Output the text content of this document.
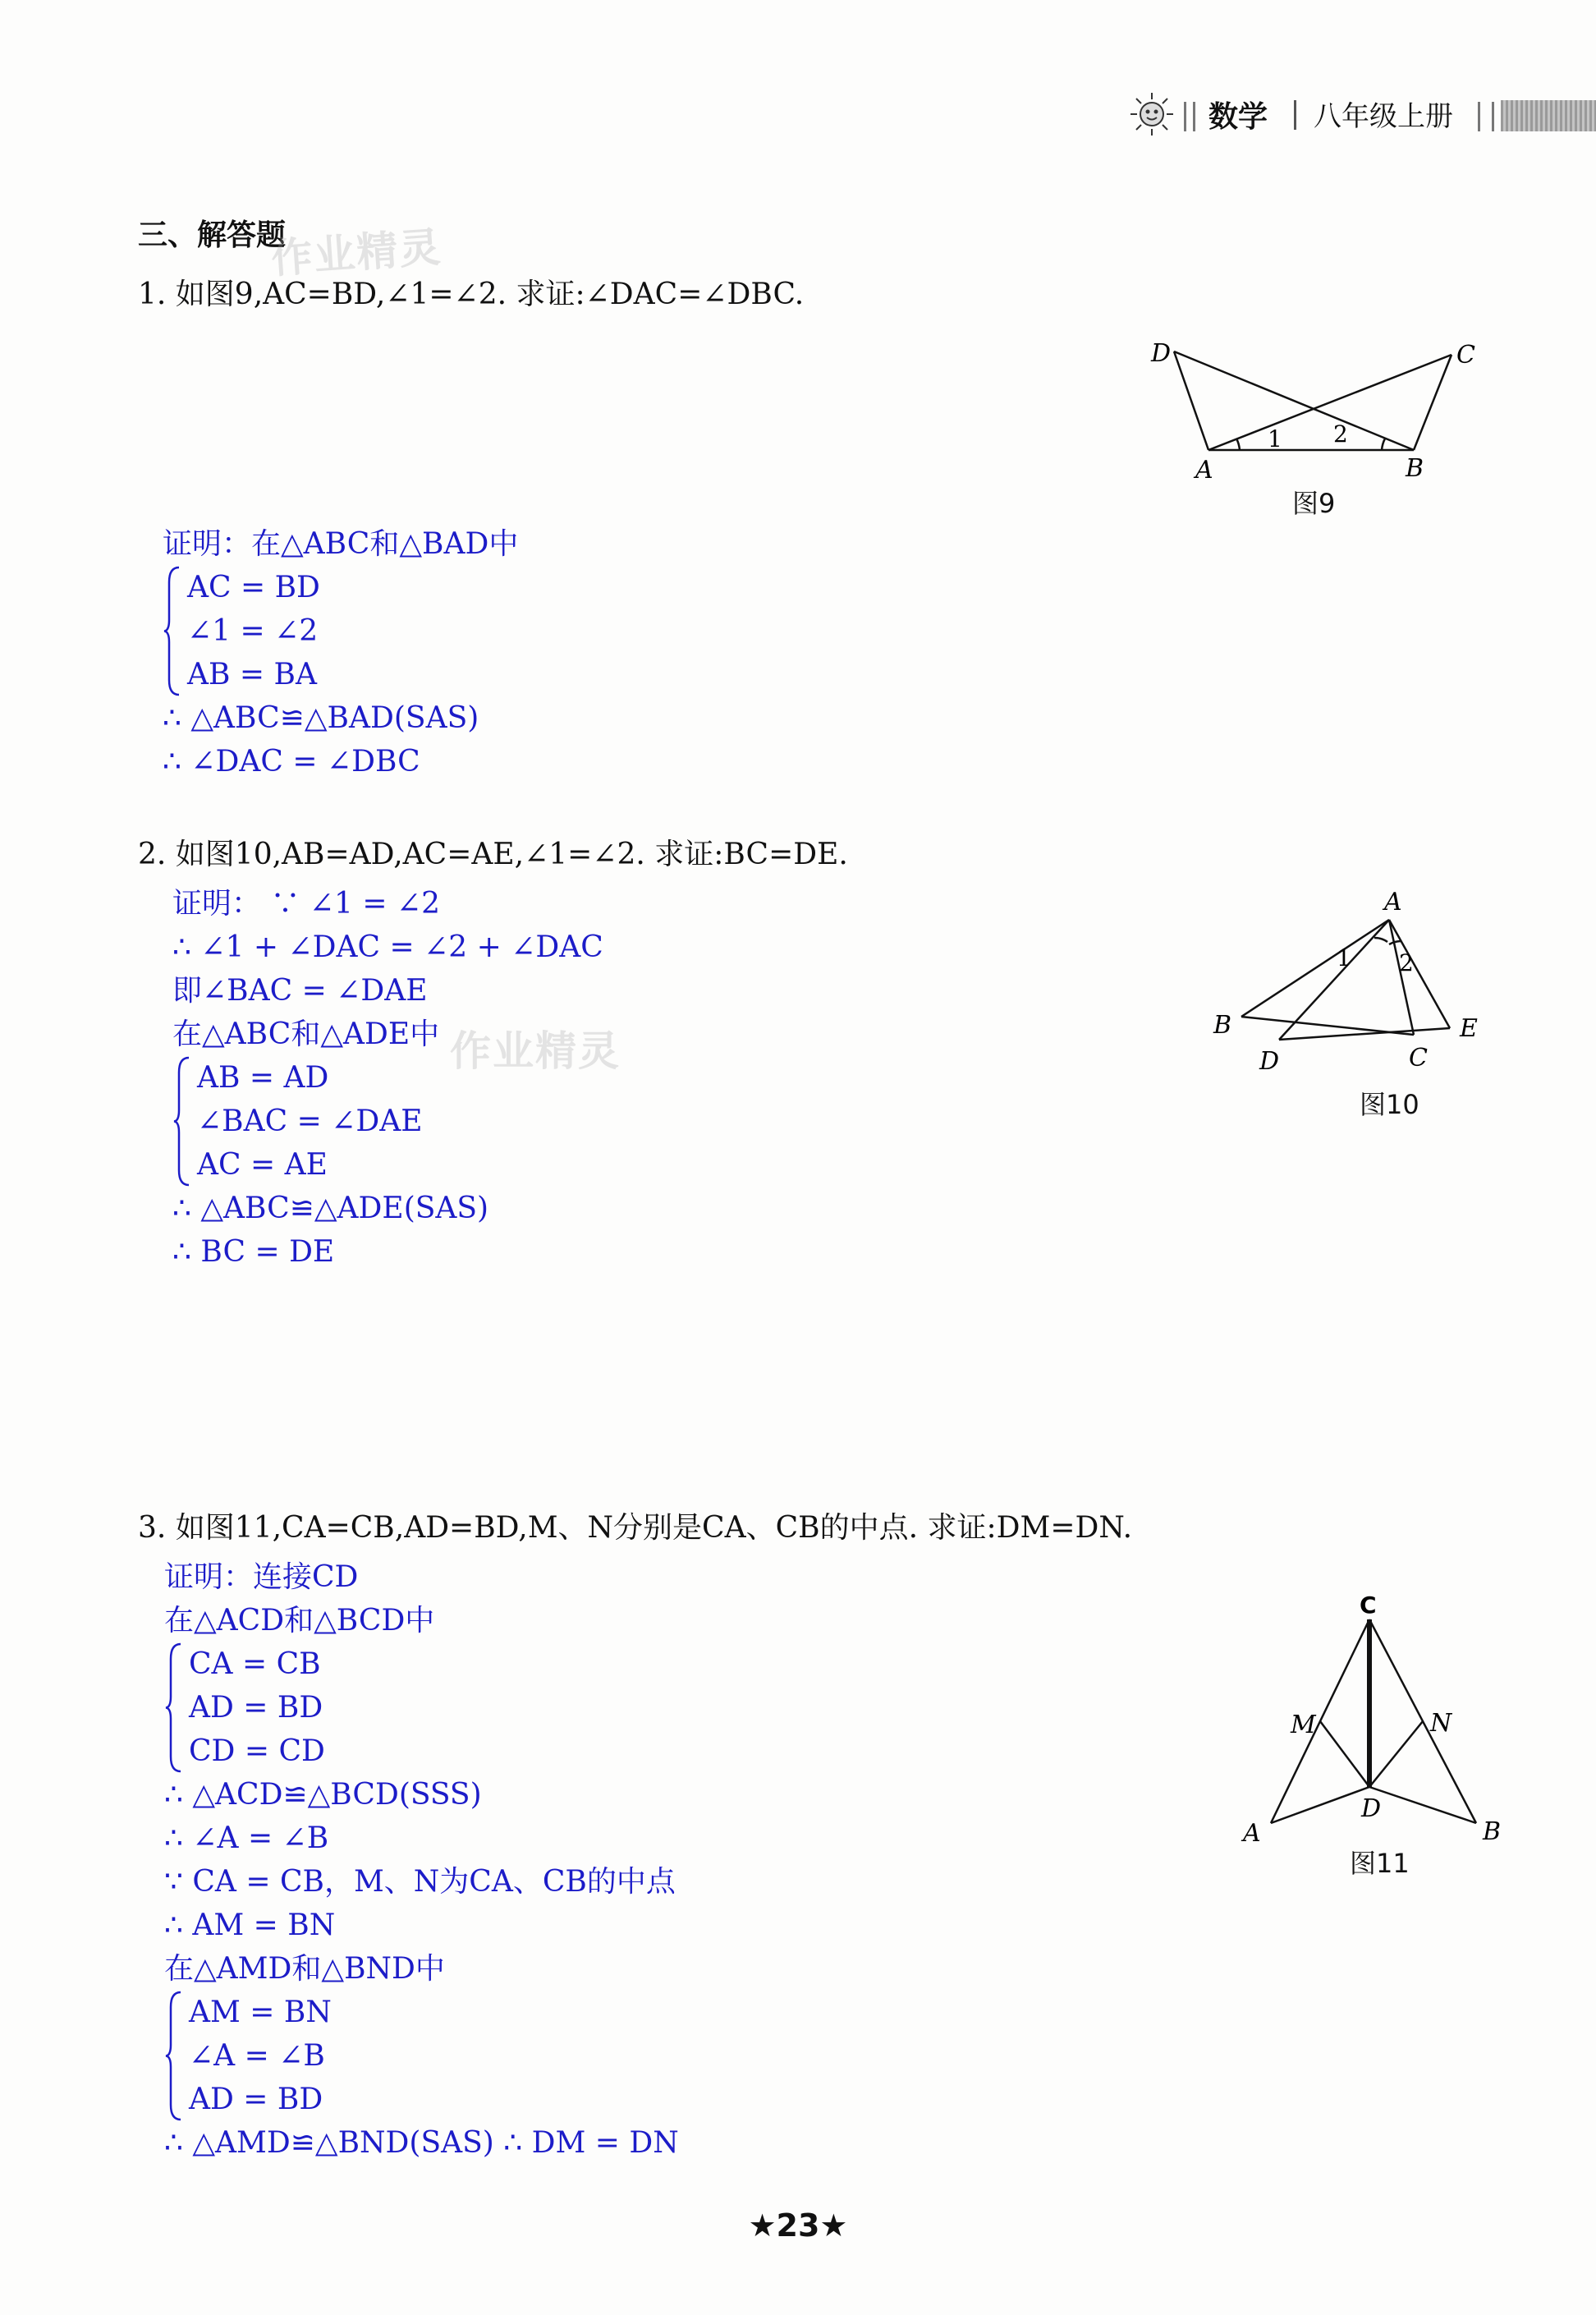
数学 八年级上册
三、解答题
作业精灵
作业精灵
1. 如图9,AC=BD,∠1=∠2. 求证:∠DAC=∠DBC.
D	C
A	B
1 2
图9
证明：在△ABC和△BAD中
AC = BD
∠1 = ∠2
AB = BA
∴ △ABC≌△BAD(SAS)
∴ ∠DAC = ∠DBC
2. 如图10,AB=AD,AC=AE,∠1=∠2. 求证:BC=DE.
A
B
D	C
E
1 2
图10
证明： ∵ ∠1 = ∠2
∴ ∠1 + ∠DAC = ∠2 + ∠DAC
即∠BAC = ∠DAE
在△ABC和△ADE中
AB = AD
∠BAC = ∠DAE
AC = AE
∴ △ABC≌△ADE(SAS)
∴ BC = DE
3. 如图11,CA=CB,AD=BD,M、N分别是CA、CB的中点. 求证:DM=DN.
C
M	N
A	B
D
图11
证明：连接CD
在△ACD和△BCD中
CA = CB
AD = BD
CD = CD
∴ △ACD≌△BCD(SSS)
∴ ∠A = ∠B
∵ CA = CB，M、N为CA、CB的中点
∴ AM = BN
在△AMD和△BND中
AM = BN
∠A = ∠B
AD = BD
∴ △AMD≌△BND(SAS) ∴ DM = DN
★23★
